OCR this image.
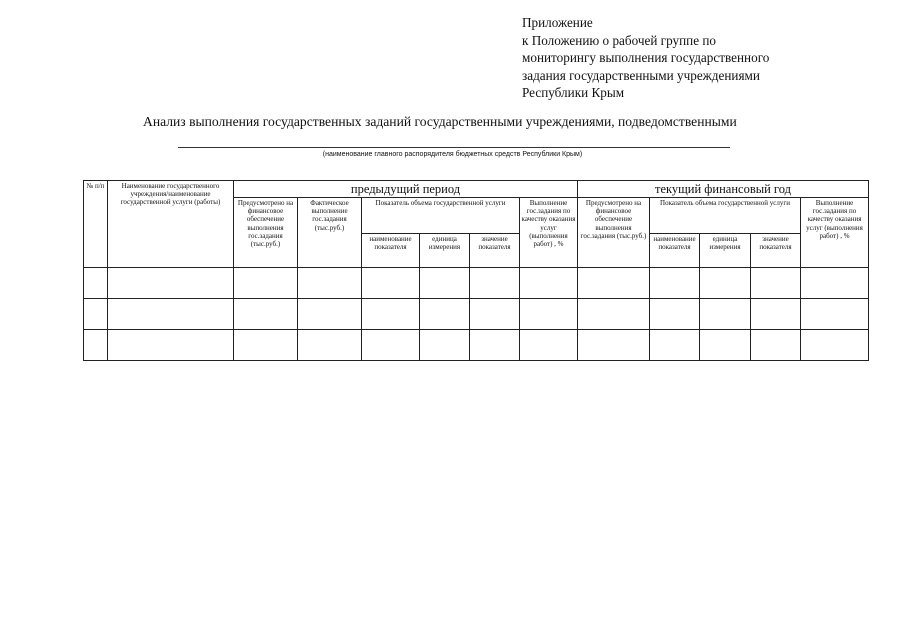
Приложение
к Положению о рабочей группе по
мониторингу выполнения государственного
задания государственными учреждениями
Республики Крым
Анализ выполнения государственных заданий государственными учреждениями, подведомственными
(наименование главного распорядителя бюджетных средств Республики Крым)
№ п/п	Наименование государственного учреждения/наименование государственной услуги (работы)	предыдущий период						текущий финансовый год				
		Предусмотрено на финансовое обеспечение выполнения гос.задания (тыс.руб.)	Фактическое выполнение гос.задания (тыс.руб.)	Показатель объема государственной услуги			Выполнение гос.задания по качеству оказания услуг (выполнения работ) , %	Предусмотрено на финансовое обеспечение выполнения гос.задания (тыс.руб.)	Показатель объема государственной услуги			Выполнение гос.задания по качеству оказания услуг (выполнения работ) , %
				наименование показателя	единица измерения	значение показателя			наименование показателя	единица измерения	значение показателя	
